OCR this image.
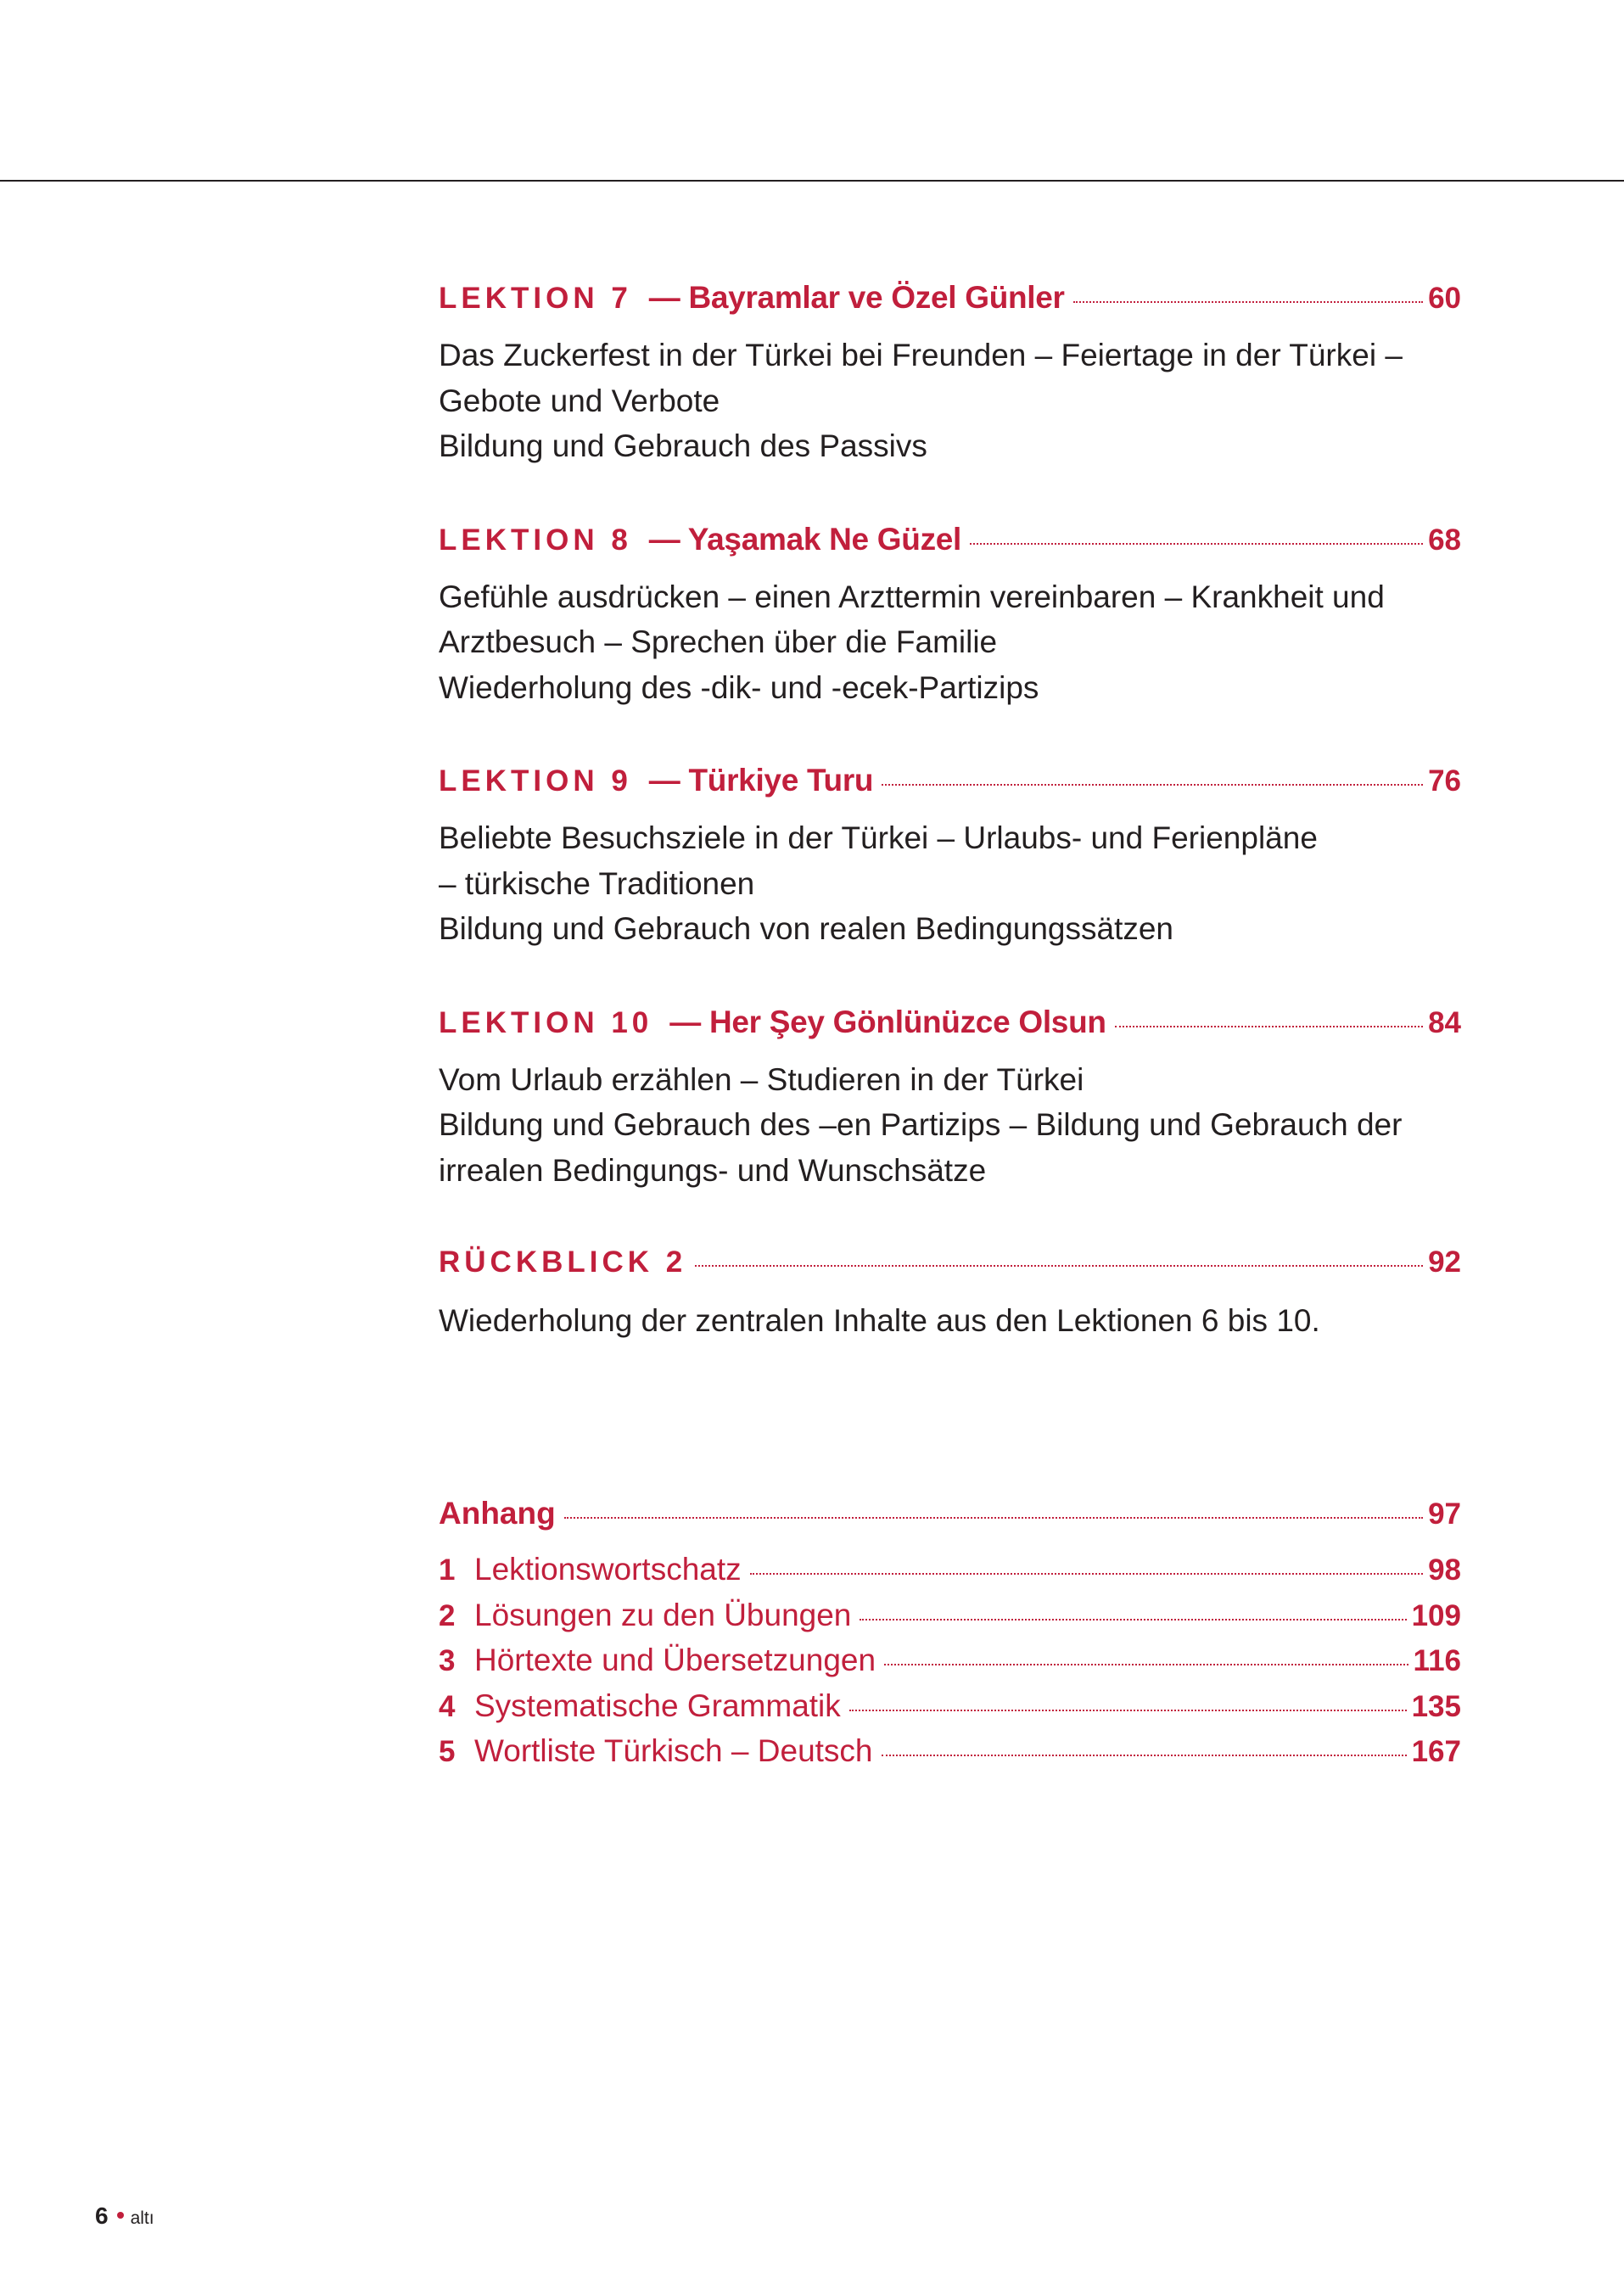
LEKTION 7 — Bayramlar ve Özel Günler	60

Das Zuckerfest in der Türkei bei Freunden – Feiertage in der Türkei –

Gebote und Verbote

Bildung und Gebrauch des Passivs

LEKTION 8 — Yaşamak Ne Güzel	68

Gefühle ausdrücken – einen Arzttermin vereinbaren – Krankheit und

Arztbesuch – Sprechen über die Familie

Wiederholung des -dik- und -ecek-Partizips

LEKTION 9 — Türkiye Turu	76

Beliebte Besuchsziele in der Türkei – Urlaubs- und Ferienpläne

– türkische Traditionen

Bildung und Gebrauch von realen Bedingungssätzen

LEKTION 10 — Her Şey Gönlünüzce Olsun	84

Vom Urlaub erzählen – Studieren in der Türkei

Bildung und Gebrauch des –en Partizips – Bildung und Gebrauch der

irrealen Bedingungs- und Wunschsätze

RÜCKBLICK 2	92

Wiederholung der zentralen Inhalte aus den Lektionen 6 bis 10.

Anhang	97
1 Lektionswortschatz	98
2 Lösungen zu den Übungen	109
3 Hörtexte und Übersetzungen	116
4 Systematische Grammatik	135
5 Wortliste Türkisch – Deutsch	167
6 altı
